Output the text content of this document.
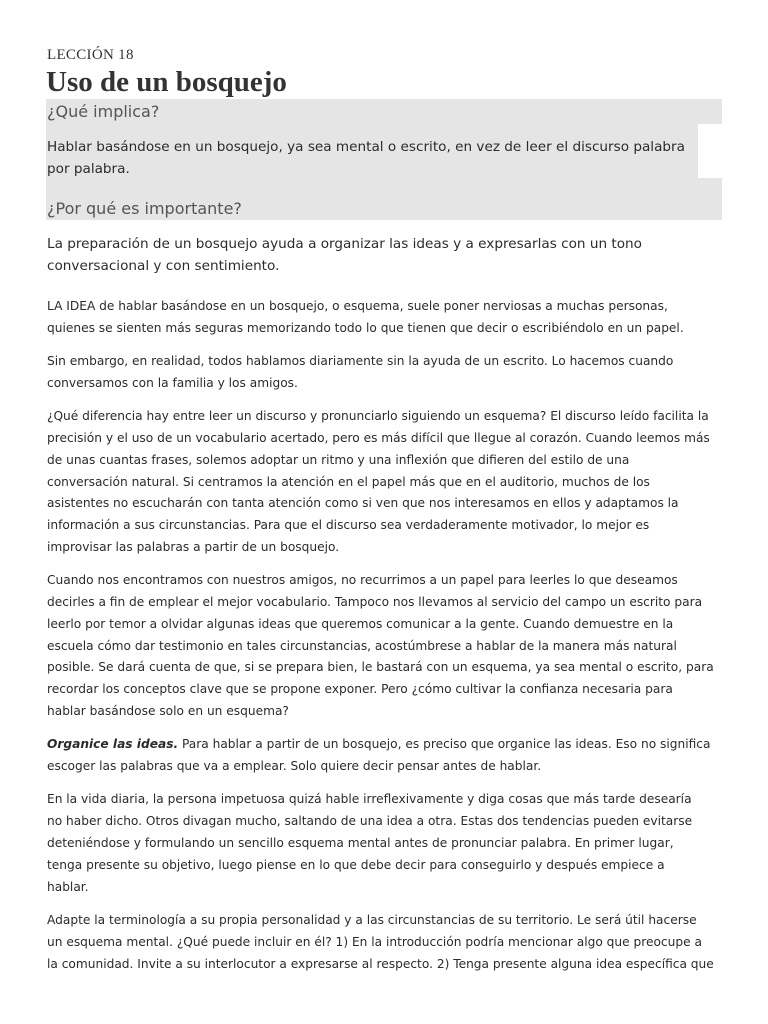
LECCIÓN 18
Uso de un bosquejo
¿Qué implica?
Hablar basándose en un bosquejo, ya sea mental o escrito, en vez de leer el discurso palabra
por palabra.
¿Por qué es importante?
La preparación de un bosquejo ayuda a organizar las ideas y a expresarlas con un tono
conversacional y con sentimiento.

LA IDEA de hablar basándose en un bosquejo, o esquema, suele poner nerviosas a muchas personas,
quienes se sienten más seguras memorizando todo lo que tienen que decir o escribiéndolo en un papel.

Sin embargo, en realidad, todos hablamos diariamente sin la ayuda de un escrito. Lo hacemos cuando
conversamos con la familia y los amigos.

¿Qué diferencia hay entre leer un discurso y pronunciarlo siguiendo un esquema? El discurso leído facilita la
precisión y el uso de un vocabulario acertado, pero es más difícil que llegue al corazón. Cuando leemos más
de unas cuantas frases, solemos adoptar un ritmo y una inflexión que difieren del estilo de una
conversación natural. Si centramos la atención en el papel más que en el auditorio, muchos de los
asistentes no escucharán con tanta atención como si ven que nos interesamos en ellos y adaptamos la
información a sus circunstancias. Para que el discurso sea verdaderamente motivador, lo mejor es
improvisar las palabras a partir de un bosquejo.

Cuando nos encontramos con nuestros amigos, no recurrimos a un papel para leerles lo que deseamos
decirles a fin de emplear el mejor vocabulario. Tampoco nos llevamos al servicio del campo un escrito para
leerlo por temor a olvidar algunas ideas que queremos comunicar a la gente. Cuando demuestre en la
escuela cómo dar testimonio en tales circunstancias, acostúmbrese a hablar de la manera más natural
posible. Se dará cuenta de que, si se prepara bien, le bastará con un esquema, ya sea mental o escrito, para
recordar los conceptos clave que se propone exponer. Pero ¿cómo cultivar la confianza necesaria para
hablar basándose solo en un esquema?

Organice las ideas. Para hablar a partir de un bosquejo, es preciso que organice las ideas. Eso no significa
escoger las palabras que va a emplear. Solo quiere decir pensar antes de hablar.

En la vida diaria, la persona impetuosa quizá hable irreflexivamente y diga cosas que más tarde desearía
no haber dicho. Otros divagan mucho, saltando de una idea a otra. Estas dos tendencias pueden evitarse
deteniéndose y formulando un sencillo esquema mental antes de pronunciar palabra. En primer lugar,
tenga presente su objetivo, luego piense en lo que debe decir para conseguirlo y después empiece a
hablar.

Adapte la terminología a su propia personalidad y a las circunstancias de su territorio. Le será útil hacerse
un esquema mental. ¿Qué puede incluir en él? 1) En la introducción podría mencionar algo que preocupe a
la comunidad. Invite a su interlocutor a expresarse al respecto. 2) Tenga presente alguna idea específica que
